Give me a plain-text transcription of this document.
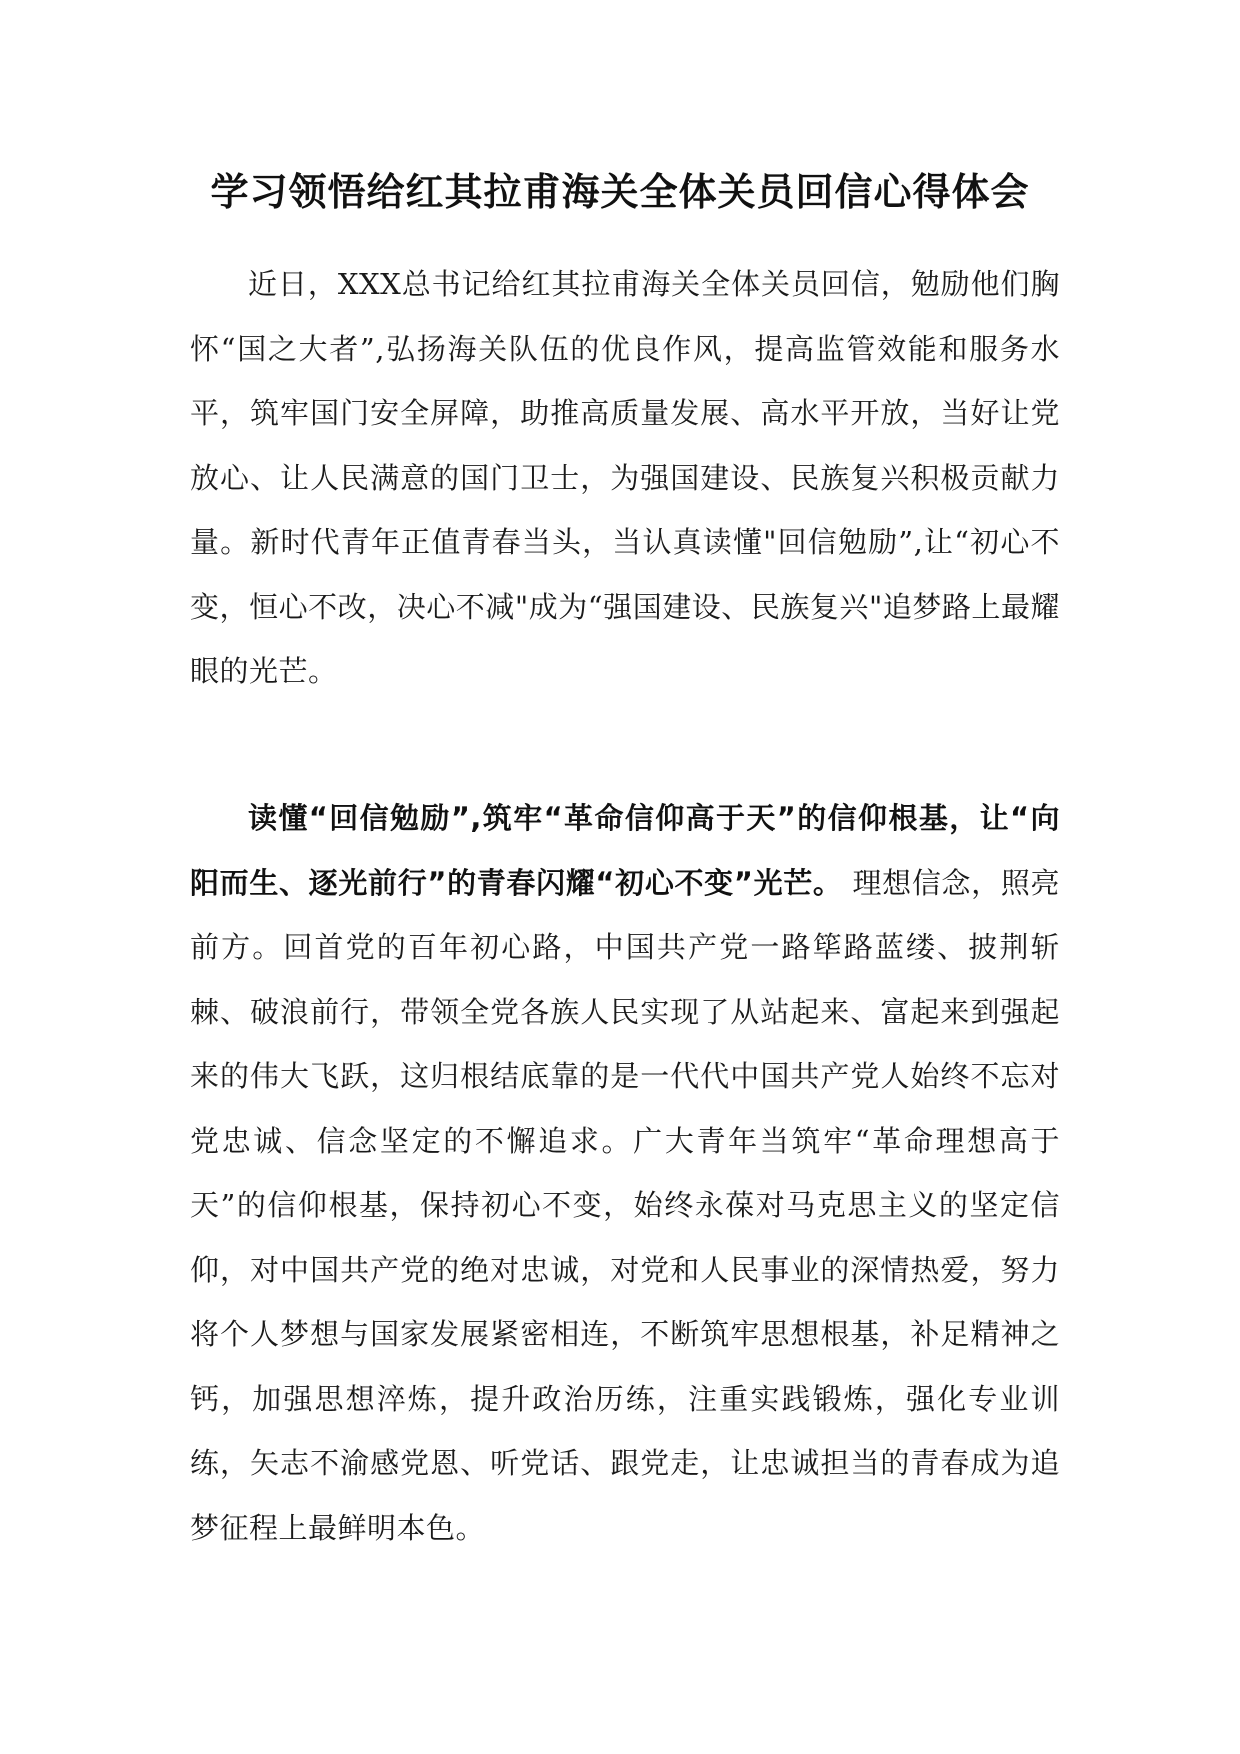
学习领悟给红其拉甫海关全体关员回信心得体会

近日，XXX总书记给红其拉甫海关全体关员回信，勉励他们胸怀“国之大者”,弘扬海关队伍的优良作风，提高监管效能和服务水平，筑牢国门安全屏障，助推高质量发展、高水平开放，当好让党放心、让人民满意的国门卫士，为强国建设、民族复兴积极贡献力量。新时代青年正值青春当头，当认真读懂"回信勉励”,让“初心不变，恒心不改，决心不减"成为“强国建设、民族复兴"追梦路上最耀眼的光芒。

读懂“回信勉励”,筑牢“革命信仰高于天”的信仰根基，让“向阳而生、逐光前行”的青春闪耀“初心不变”光芒。 理想信念，照亮前方。回首党的百年初心路，中国共产党一路筚路蓝缕、披荆斩棘、破浪前行，带领全党各族人民实现了从站起来、富起来到强起来的伟大飞跃，这归根结底靠的是一代代中国共产党人始终不忘对党忠诚、信念坚定的不懈追求。广大青年当筑牢“革命理想高于天”的信仰根基，保持初心不变，始终永葆对马克思主义的坚定信仰，对中国共产党的绝对忠诚，对党和人民事业的深情热爱，努力将个人梦想与国家发展紧密相连，不断筑牢思想根基，补足精神之钙，加强思想淬炼，提升政治历练，注重实践锻炼，强化专业训练，矢志不渝感党恩、听党话、跟党走，让忠诚担当的青春成为追梦征程上最鲜明本色。
